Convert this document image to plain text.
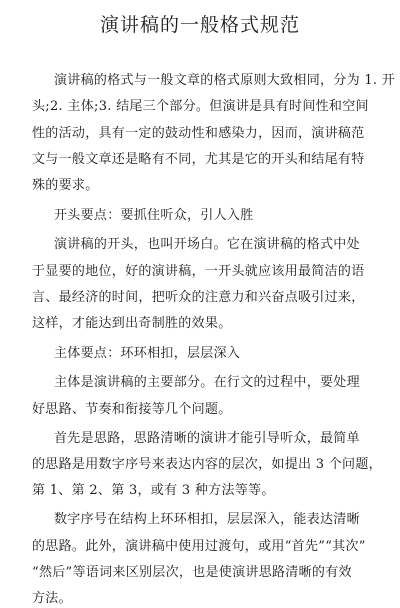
演讲稿的一般格式规范
演讲稿的格式与一般文章的格式原则大致相同，分为 1. 开
头;2. 主体;3. 结尾三个部分。但演讲是具有时间性和空间
性的活动，具有一定的鼓动性和感染力，因而，演讲稿范
文与一般文章还是略有不同，尤其是它的开头和结尾有特
殊的要求。
开头要点：要抓住听众，引人入胜
演讲稿的开头，也叫开场白。它在演讲稿的格式中处
于显要的地位，好的演讲稿，一开头就应该用最简洁的语
言、最经济的时间，把听众的注意力和兴奋点吸引过来，
这样，才能达到出奇制胜的效果。
主体要点：环环相扣，层层深入
主体是演讲稿的主要部分。在行文的过程中，要处理
好思路、节奏和衔接等几个问题。
首先是思路，思路清晰的演讲才能引导听众，最简单
的思路是用数字序号来表达内容的层次，如提出 3 个问题，
第 1、第 2、第 3，或有 3 种方法等等。
数字序号在结构上环环相扣，层层深入，能表达清晰
的思路。此外，演讲稿中使用过渡句，或用“首先”“其次”
“然后”等语词来区别层次，也是使演讲思路清晰的有效
方法。
